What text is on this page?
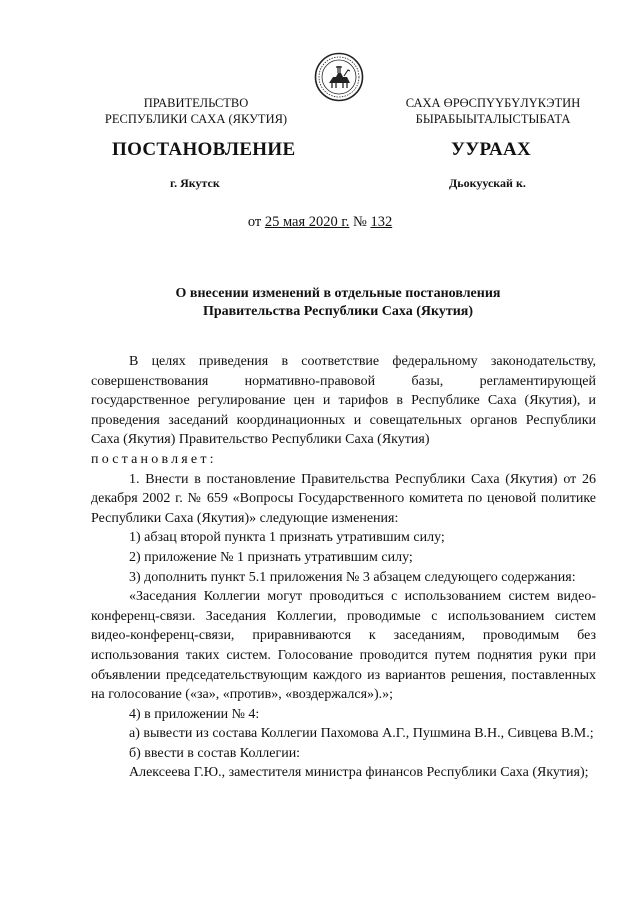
ПРАВИТЕЛЬСТВО
РЕСПУБЛИКИ САХА (ЯКУТИЯ)
САХА ӨРӨСПҮҮБҮЛҮКЭТИН
БЫРАБЫЫТАЛЫСТЫБАТА
ПОСТАНОВЛЕНИЕ	УУРААХ
г. Якутск	Дьокуускай к.
от 25 мая 2020 г. № 132
О внесении изменений в отдельные постановления
Правительства Республики Саха (Якутия)

В целях приведения в соответствие федеральному законодательству, совершенствования нормативно-правовой базы, регламентирующей государственное регулирование цен и тарифов в Республике Саха (Якутия), и проведения заседаний координационных и совещательных органов Республики Саха (Якутия) Правительство Республики Саха (Якутия)

постановляет:

1. Внести в постановление Правительства Республики Саха (Якутия) от 26 декабря 2002 г. № 659 «Вопросы Государственного комитета по ценовой политике Республики Саха (Якутия)» следующие изменения:

1) абзац второй пункта 1 признать утратившим силу;

2) приложение № 1 признать утратившим силу;

3) дополнить пункт 5.1 приложения № 3 абзацем следующего содержания:

«Заседания Коллегии могут проводиться с использованием систем видео-конференц-связи. Заседания Коллегии, проводимые с использованием систем видео-конференц-связи, приравниваются к заседаниям, проводимым без использования таких систем. Голосование проводится путем поднятия руки при объявлении председательствующим каждого из вариантов решения, поставленных на голосование («за», «против», «воздержался»).»;

4) в приложении № 4:

а) вывести из состава Коллегии Пахомова А.Г., Пушмина В.Н., Сивцева В.М.;

б) ввести в состав Коллегии:

Алексеева Г.Ю., заместителя министра финансов Республики Саха (Якутия);
